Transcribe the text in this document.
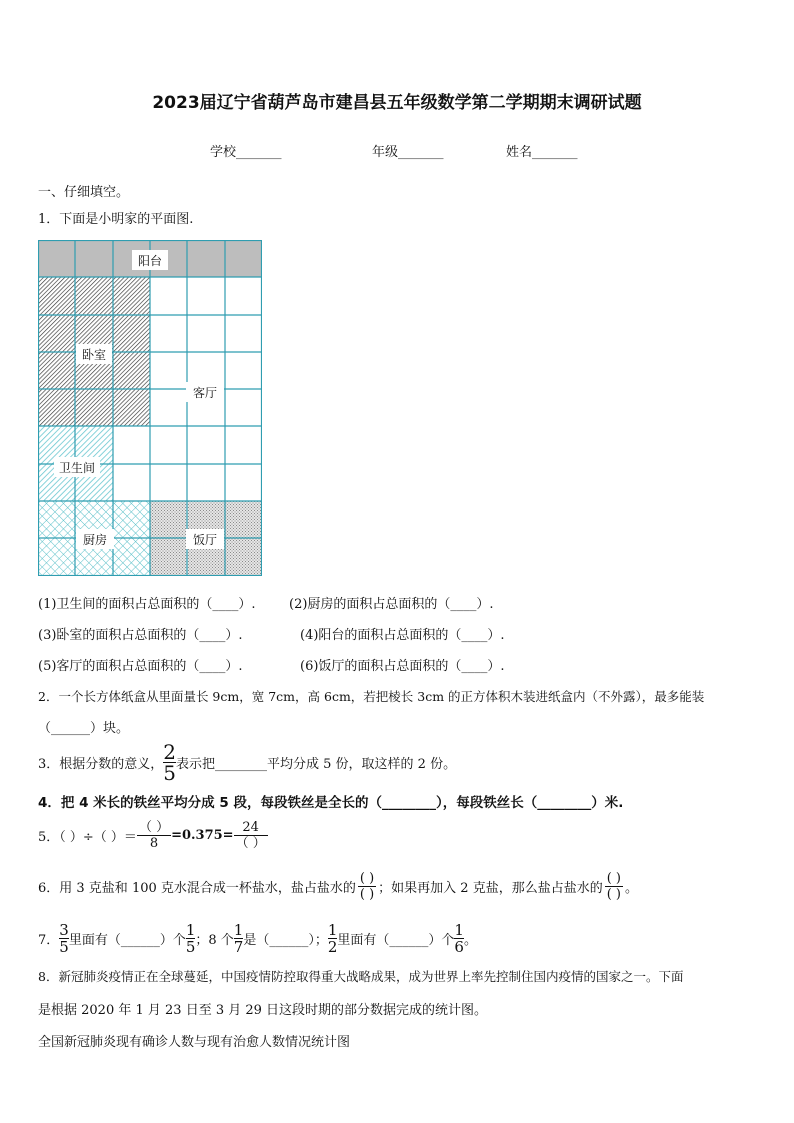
2023届辽宁省葫芦岛市建昌县五年级数学第二学期期末调研试题
学校_______	年级_______	姓名_______
一、仔细填空。
1．下面是小明家的平面图.
阳台
卧室
客厅
卫生间
厨房	饭厅
(1)卫生间的面积占总面积的（____）.	(2)厨房的面积占总面积的（____）.
(3)卧室的面积占总面积的（____）.	(4)阳台的面积占总面积的（____）.
(5)客厅的面积占总面积的（____）.	(6)饭厅的面积占总面积的（____）.
2．一个长方体纸盒从里面量长 9cm，宽 7cm，高 6cm，若把棱长 3cm 的正方体积木装进纸盒内（不外露），最多能装
（______）块。
3．根据分数的意义， $\frac{2}{5}$ 表示把________平均分成 5 份，取这样的 2 份。
4．把 4 米长的铁丝平均分成 5 段，每段铁丝是全长的（________），每段铁丝长（________）米.
5．（ ）÷（ ）＝ $\frac{( )}{8} =0.375= \frac{24}{( )}$
6．用 3 克盐和 100 克水混合成一杯盐水，盐占盐水的 $\frac{( )}{( )}$ ；如果再加入 2 克盐，那么盐占盐水的 $\frac{( )}{( )}$ 。
7． $\frac{3}{5}$ 里面有（______）个 $\frac{1}{5}$ ；8 个 $\frac{1}{7}$ 是（______）； $\frac{1}{2}$ 里面有（______）个 $\frac{1}{6}$ 。
8．新冠肺炎疫情正在全球蔓延，中国疫情防控取得重大战略成果，成为世界上率先控制住国内疫情的国家之一。下面
是根据 2020 年 1 月 23 日至 3 月 29 日这段时期的部分数据完成的统计图。
全国新冠肺炎现有确诊人数与现有治愈人数情况统计图
